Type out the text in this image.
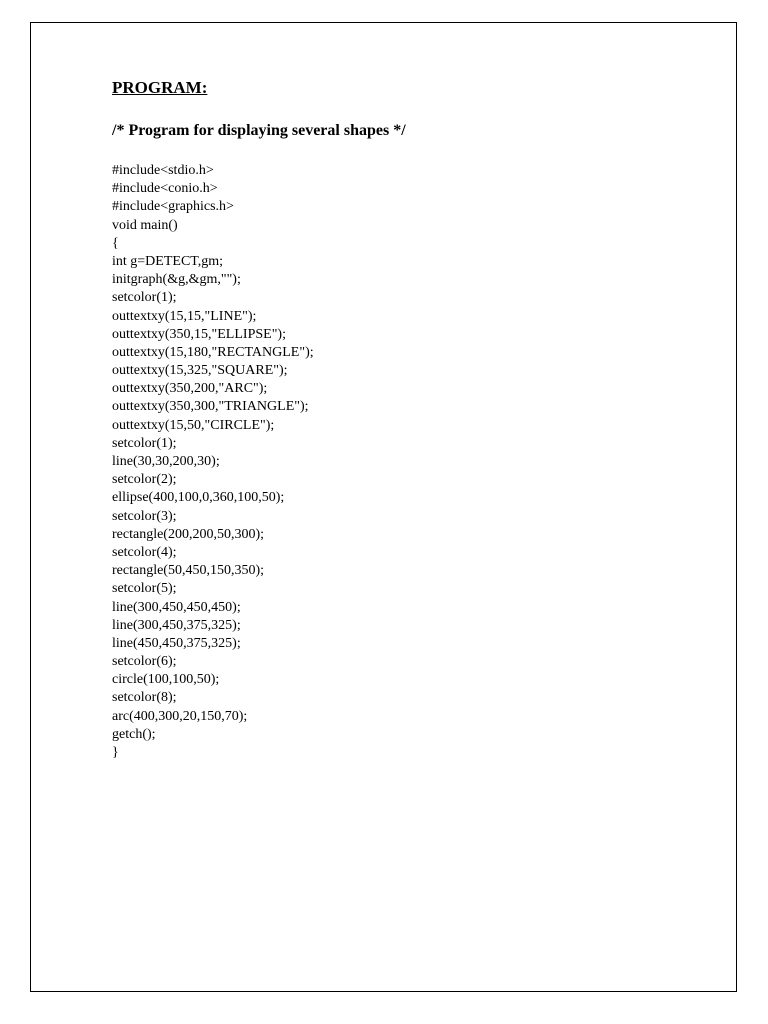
PROGRAM:
/* Program for displaying several shapes */
#include<stdio.h>
#include<conio.h>
#include<graphics.h>
void main()
{
int g=DETECT,gm;
initgraph(&g,&gm,"");
setcolor(1);
outtextxy(15,15,"LINE");
outtextxy(350,15,"ELLIPSE");
outtextxy(15,180,"RECTANGLE");
outtextxy(15,325,"SQUARE");
outtextxy(350,200,"ARC");
outtextxy(350,300,"TRIANGLE");
outtextxy(15,50,"CIRCLE");
setcolor(1);
line(30,30,200,30);
setcolor(2);
ellipse(400,100,0,360,100,50);
setcolor(3);
rectangle(200,200,50,300);
setcolor(4);
rectangle(50,450,150,350);
setcolor(5);
line(300,450,450,450);
line(300,450,375,325);
line(450,450,375,325);
setcolor(6);
circle(100,100,50);
setcolor(8);
arc(400,300,20,150,70);
getch();
}
